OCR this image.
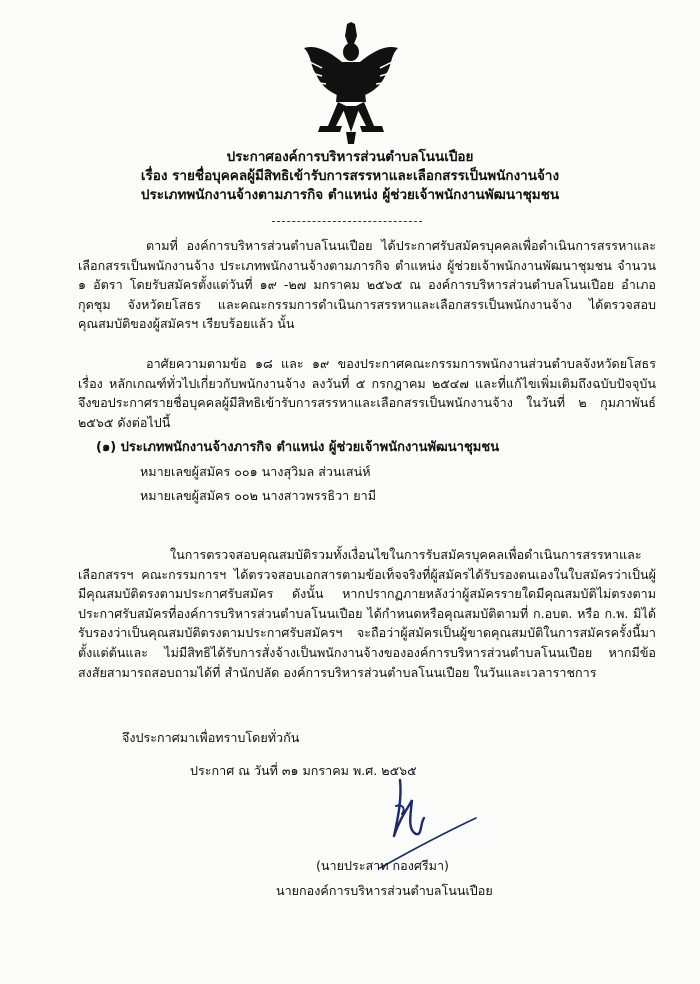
ประกาศองค์การบริหารส่วนตำบลโนนเปือย
เรื่อง รายชื่อบุคคลผู้มีสิทธิเข้ารับการสรรหาและเลือกสรรเป็นพนักงานจ้าง
ประเภทพนักงานจ้างตามภารกิจ ตำแหน่ง ผู้ช่วยเจ้าพนักงานพัฒนาชุมชน
ตามที่ องค์การบริหารส่วนตำบลโนนเปือย ได้ประกาศรับสมัครบุคคลเพื่อดำเนินการสรรหาและเลือกสรรเป็นพนักงานจ้าง ประเภทพนักงานจ้างตามภารกิจ ตำแหน่ง ผู้ช่วยเจ้าพนักงานพัฒนาชุมชน จำนวน ๑ อัตรา โดยรับสมัครตั้งแต่วันที่ ๑๙ -๒๗ มกราคม ๒๕๖๕ ณ องค์การบริหารส่วนตำบลโนนเปือย อำเภอกุดชุม จังหวัดยโสธร และคณะกรรมการดำเนินการสรรหาและเลือกสรรเป็นพนักงานจ้าง ได้ตรวจสอบคุณสมบัติของผู้สมัครฯ เรียบร้อยแล้ว นั้น
อาศัยความตามข้อ ๑๘ และ ๑๙ ของประกาศคณะกรรมการพนักงานส่วนตำบลจังหวัดยโสธร เรื่อง หลักเกณฑ์ทั่วไปเกี่ยวกับพนักงานจ้าง ลงวันที่ ๕ กรกฎาคม ๒๕๔๗ และที่แก้ไขเพิ่มเติมถึงฉบับปัจจุบัน จึงขอประกาศรายชื่อบุคคลผู้มีสิทธิเข้ารับการสรรหาและเลือกสรรเป็นพนักงานจ้าง ในวันที่ ๒ กุมภาพันธ์ ๒๕๖๕ ดังต่อไปนี้
(๑) ประเภทพนักงานจ้างภารกิจ ตำแหน่ง ผู้ช่วยเจ้าพนักงานพัฒนาชุมชน
หมายเลขผู้สมัคร ๐๐๑ นางสุวิมล ส่วนเสน่ห์
หมายเลขผู้สมัคร ๐๐๒ นางสาวพรรธิวา ยามี
ในการตรวจสอบคุณสมบัติรวมทั้งเงื่อนไขในการรับสมัครบุคคลเพื่อดำเนินการสรรหาและเลือกสรรฯ คณะกรรมการฯ ได้ตรวจสอบเอกสารตามข้อเท็จจริงที่ผู้สมัครได้รับรองตนเองในใบสมัครว่าเป็นผู้มีคุณสมบัติตรงตามประกาศรับสมัคร ดังนั้น หากปรากฏภายหลังว่าผู้สมัครรายใดมีคุณสมบัติไม่ตรงตามประกาศรับสมัครที่องค์การบริหารส่วนตำบลโนนเปือย ได้กำหนดหรือคุณสมบัติตามที่ ก.อบต. หรือ ก.พ. มิได้รับรองว่าเป็นคุณสมบัติตรงตามประกาศรับสมัครฯ จะถือว่าผู้สมัครเป็นผู้ขาดคุณสมบัติในการสมัครครั้งนี้มาตั้งแต่ต้นและ ไม่มีสิทธิได้รับการสั่งจ้างเป็นพนักงานจ้างขององค์การบริหารส่วนตำบลโนนเปือย หากมีข้อสงสัยสามารถสอบถามได้ที่ สำนักปลัด องค์การบริหารส่วนตำบลโนนเปือย ในวันและเวลาราชการ
จึงประกาศมาเพื่อทราบโดยทั่วกัน
ประกาศ ณ วันที่ ๓๑ มกราคม พ.ศ. ๒๕๖๕
(นายประสาท กองศรีมา)
นายกองค์การบริหารส่วนตำบลโนนเปือย
